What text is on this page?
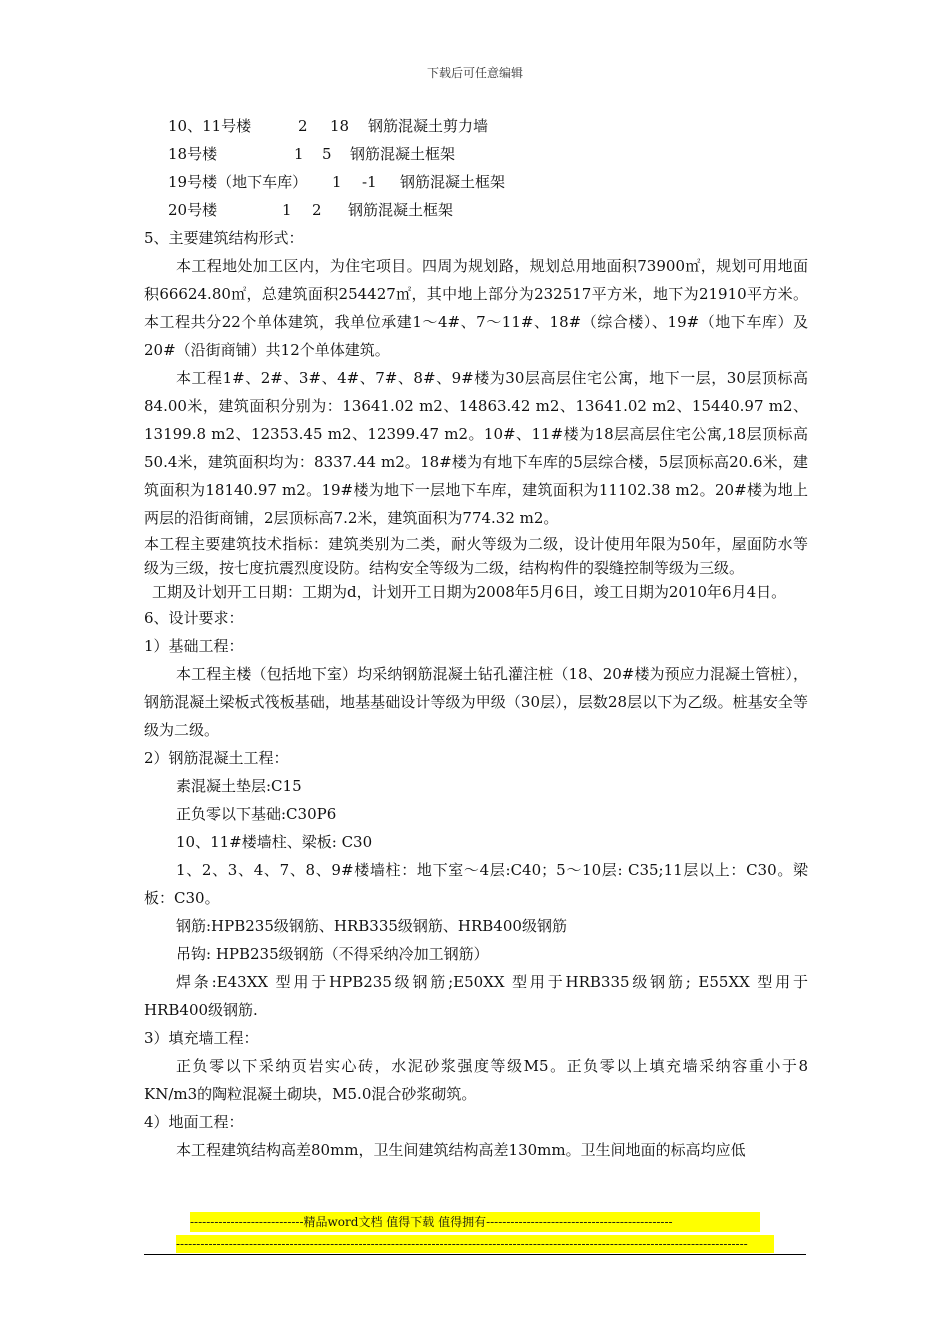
下载后可任意编辑
10、11号楼	2 18 钢筋混凝土剪力墙
18号楼	1 5 钢筋混凝土框架
19号楼（地下车库） 1 -1 钢筋混凝土框架
20号楼	1 2 钢筋混凝土框架
5、主要建筑结构形式：

本工程地处加工区内，为住宅项目。四周为规划路，规划总用地面积73900㎡，规划可用地面积66624.80㎡，总建筑面积254427㎡，其中地上部分为232517平方米，地下为21910平方米。本工程共分22个单体建筑，我单位承建1～4#、7～11#、18#（综合楼）、19#（地下车库）及20#（沿街商铺）共12个单体建筑。

本工程1#、2#、3#、4#、7#、8#、9#楼为30层高层住宅公寓，地下一层，30层顶标高84.00米，建筑面积分别为：13641.02 m2、14863.42 m2、13641.02 m2、15440.97 m2、13199.8 m2、12353.45 m2、12399.47 m2。10#、11#楼为18层高层住宅公寓,18层顶标高50.4米，建筑面积均为：8337.44 m2。18#楼为有地下车库的5层综合楼，5层顶标高20.6米，建筑面积为18140.97 m2。19#楼为地下一层地下车库，建筑面积为11102.38 m2。20#楼为地上两层的沿街商铺，2层顶标高7.2米，建筑面积为774.32 m2。

本工程主要建筑技术指标：建筑类别为二类，耐火等级为二级，设计使用年限为50年，屋面防水等级为三级，按七度抗震烈度设防。结构安全等级为二级，结构构件的裂缝控制等级为三级。

工期及计划开工日期：工期为d，计划开工日期为2008年5月6日，竣工日期为2010年6月4日。

6、设计要求：
1）基础工程：

本工程主楼（包括地下室）均采纳钢筋混凝土钻孔灌注桩（18、20#楼为预应力混凝土管桩），钢筋混凝土梁板式筏板基础，地基基础设计等级为甲级（30层），层数28层以下为乙级。桩基安全等级为二级。

2）钢筋混凝土工程：
素混凝土垫层:C15
正负零以下基础:C30P6
10、11#楼墙柱、梁板: C30

1、2、3、4、7、8、9#楼墙柱：地下室～4层:C40；5～10层: C35;11层以上：C30。梁板：C30。

钢筋:HPB235级钢筋、HRB335级钢筋、HRB400级钢筋
吊钩: HPB235级钢筋（不得采纳冷加工钢筋）

焊条:E43XX 型用于HPB235级钢筋;E50XX 型用于HRB335级钢筋; E55XX 型用于HRB400级钢筋.

3）填充墙工程：

正负零以下采纳页岩实心砖，水泥砂浆强度等级M5。正负零以上填充墙采纳容重小于8 KN/m3的陶粒混凝土砌块，M5.0混合砂浆砌筑。

4）地面工程：
本工程建筑结构高差80mm，卫生间建筑结构高差130mm。卫生间地面的标高均应低
----------------------------精品word文档 值得下载 值得拥有----------------------------------------------
---------------------------------------------------------------------------------------------------------------------------------------------
